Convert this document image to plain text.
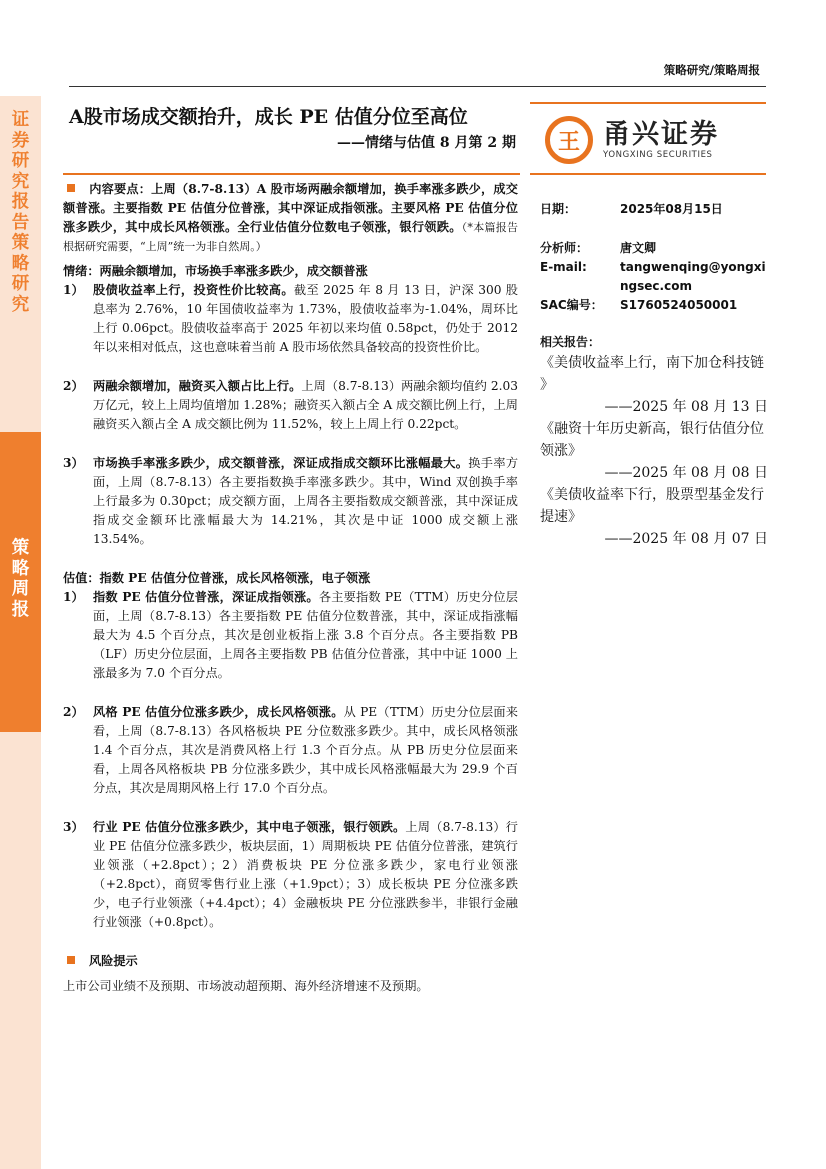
证券研究报告 策略研究
策略周报
策略研究/策略周报
A股市场成交额抬升，成长 PE 估值分位至高位
——情绪与估值 8 月第 2 期	王 甬兴证券
YONGXING SECURITIES

内容要点：上周（8.7-8.13）A 股市场两融余额增加，换手率涨多跌少，成交额普涨。主要指数 PE 估值分位普涨，其中深证成指领涨。主要风格 PE 估值分位涨多跌少，其中成长风格领涨。全行业估值分位数电子领涨，银行领跌。（*本篇报告根据研究需要，“上周”统一为非自然周。）

情绪：两融余额增加，市场换手率涨多跌少，成交额普涨
1） 股债收益率上行，投资性价比较高。截至 2025 年 8 月 13 日，沪深 300 股息率为 2.76%，10 年国债收益率为 1.73%，股债收益率为-1.04%，周环比上行 0.06pct。股债收益率高于 2025 年初以来均值 0.58pct，仍处于 2012 年以来相对低点，这也意味着当前 A 股市场依然具备较高的投资性价比。

2） 两融余额增加，融资买入额占比上行。上周（8.7-8.13）两融余额均值约 2.03 万亿元，较上上周均值增加 1.28%；融资买入额占全 A 成交额比例上行，上周融资买入额占全 A 成交额比例为 11.52%，较上上周上行 0.22pct。

3） 市场换手率涨多跌少，成交额普涨，深证成指成交额环比涨幅最大。换手率方面，上周（8.7-8.13）各主要指数换手率涨多跌少。其中，Wind 双创换手率上行最多为 0.30pct；成交额方面，上周各主要指数成交额普涨，其中深证成指成交金额环比涨幅最大为 14.21%，其次是中证 1000 成交额上涨 13.54%。

估值：指数 PE 估值分位普涨，成长风格领涨，电子领涨
1） 指数 PE 估值分位普涨，深证成指领涨。各主要指数 PE（TTM）历史分位层面，上周（8.7-8.13）各主要指数 PE 估值分位数普涨，其中，深证成指涨幅最大为 4.5 个百分点，其次是创业板指上涨 3.8 个百分点。各主要指数 PB（LF）历史分位层面，上周各主要指数 PB 估值分位普涨，其中中证 1000 上涨最多为 7.0 个百分点。

2） 风格 PE 估值分位涨多跌少，成长风格领涨。从 PE（TTM）历史分位层面来看，上周（8.7-8.13）各风格板块 PE 分位数涨多跌少。其中，成长风格领涨 1.4 个百分点，其次是消费风格上行 1.3 个百分点。从 PB 历史分位层面来看，上周各风格板块 PB 分位涨多跌少，其中成长风格涨幅最大为 29.9 个百分点，其次是周期风格上行 17.0 个百分点。

3） 行业 PE 估值分位涨多跌少，其中电子领涨，银行领跌。上周（8.7-8.13）行业 PE 估值分位涨多跌少，板块层面，1）周期板块 PE 估值分位普涨，建筑行业领涨（+2.8pct）；2）消费板块 PE 分位涨多跌少，家电行业领涨（+2.8pct），商贸零售行业上涨（+1.9pct）；3）成长板块 PE 分位涨多跌少，电子行业领涨（+4.4pct）；4）金融板块 PE 分位涨跌参半，非银行金融行业领涨（+0.8pct）。

风险提示

上市公司业绩不及预期、市场波动超预期、海外经济增速不及预期。

日期：	2025年08月15日
分析师：	唐文卿
E-mail:	tangwenqing@yongxingsec.com
SAC编号：	S1760524050001
相关报告：
《美债收益率上行，南下加仓科技链 》
——2025 年 08 月 13 日
《融资十年历史新高，银行估值分位领涨》
——2025 年 08 月 08 日
《美债收益率下行，股票型基金发行提速》
——2025 年 08 月 07 日
